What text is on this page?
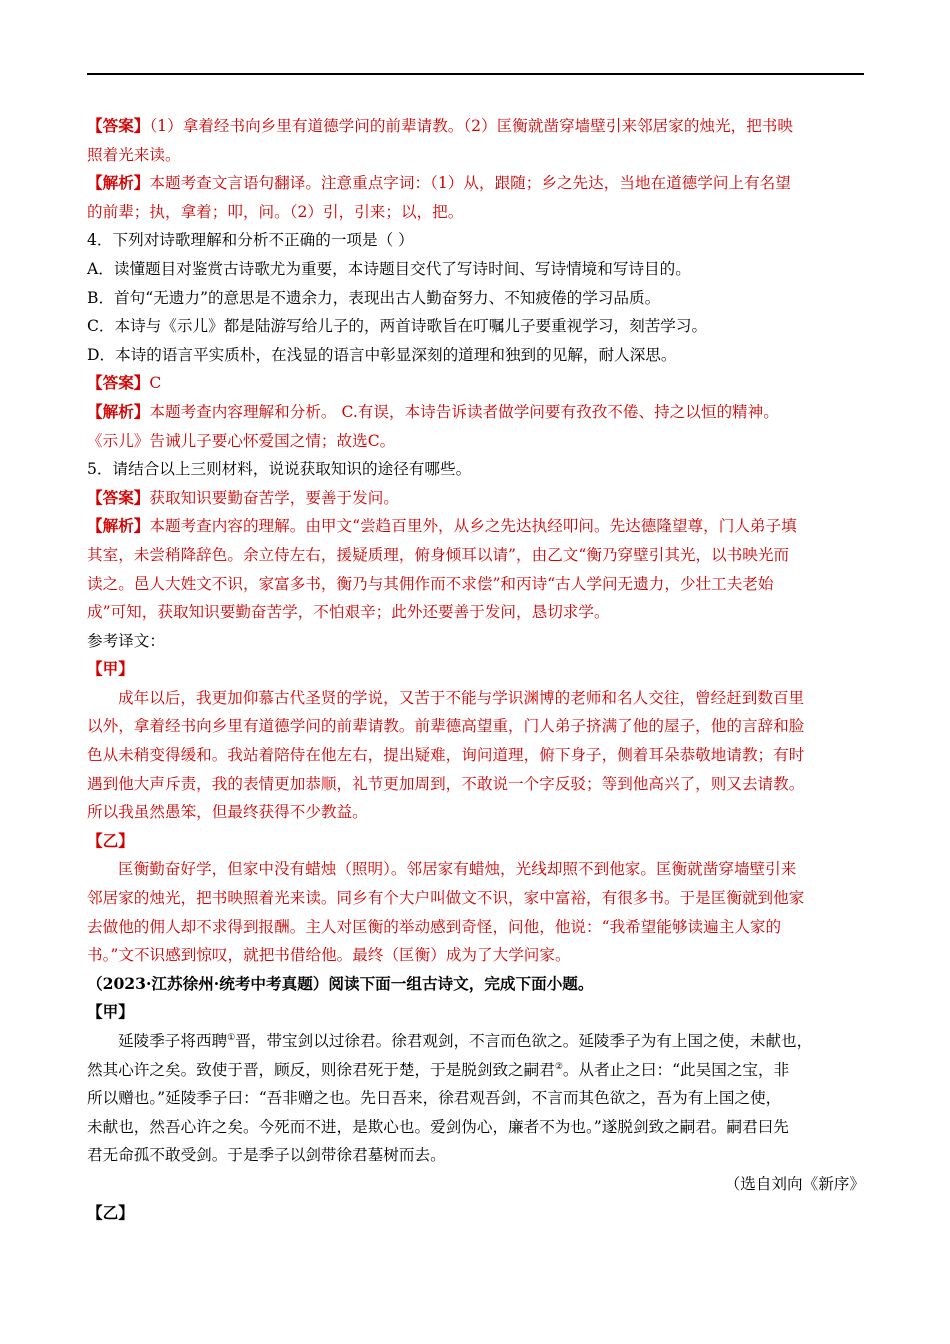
【答案】（1）拿着经书向乡里有道德学问的前辈请教。（2）匡衡就凿穿墙壁引来邻居家的烛光，把书映
照着光来读。
【解析】本题考查文言语句翻译。注意重点字词：（1）从，跟随；乡之先达，当地在道德学问上有名望
的前辈；执，拿着；叩，问。（2）引，引来；以，把。
4．下列对诗歌理解和分析不正确的一项是（ ）
A．读懂题目对鉴赏古诗歌尤为重要，本诗题目交代了写诗时间、写诗情境和写诗目的。
B．首句“无遗力”的意思是不遗余力，表现出古人勤奋努力、不知疲倦的学习品质。
C．本诗与《示儿》都是陆游写给儿子的，两首诗歌旨在叮嘱儿子要重视学习，刻苦学习。
D．本诗的语言平实质朴，在浅显的语言中彰显深刻的道理和独到的见解，耐人深思。
【答案】C
【解析】本题考查内容理解和分析。 C.有误，本诗告诉读者做学问要有孜孜不倦、持之以恒的精神。
《示儿》告诫儿子要心怀爱国之情；故选C。
5．请结合以上三则材料，说说获取知识的途径有哪些。
【答案】获取知识要勤奋苦学，要善于发问。
【解析】本题考查内容的理解。由甲文“尝趋百里外，从乡之先达执经叩问。先达德隆望尊，门人弟子填
其室，未尝稍降辞色。余立侍左右，援疑质理，俯身倾耳以请”，由乙文“衡乃穿壁引其光，以书映光而
读之。邑人大姓文不识，家富多书，衡乃与其佣作而不求偿”和丙诗“古人学问无遗力，少壮工夫老始
成”可知，获取知识要勤奋苦学，不怕艰辛；此外还要善于发问，恳切求学。
参考译文：
【甲】
成年以后，我更加仰慕古代圣贤的学说，又苦于不能与学识渊博的老师和名人交往，曾经赶到数百里
以外，拿着经书向乡里有道德学问的前辈请教。前辈德高望重，门人弟子挤满了他的屋子，他的言辞和脸
色从未稍变得缓和。我站着陪侍在他左右，提出疑难，询问道理，俯下身子，侧着耳朵恭敬地请教；有时
遇到他大声斥责，我的表情更加恭顺，礼节更加周到，不敢说一个字反驳；等到他高兴了，则又去请教。
所以我虽然愚笨，但最终获得不少教益。
【乙】
匡衡勤奋好学，但家中没有蜡烛（照明）。邻居家有蜡烛，光线却照不到他家。匡衡就凿穿墙壁引来
邻居家的烛光，把书映照着光来读。同乡有个大户叫做文不识，家中富裕，有很多书。于是匡衡就到他家
去做他的佣人却不求得到报酬。主人对匡衡的举动感到奇怪，问他，他说：“我希望能够读遍主人家的
书。”文不识感到惊叹，就把书借给他。最终（匡衡）成为了大学问家。
（2023·江苏徐州·统考中考真题）阅读下面一组古诗文，完成下面小题。
【甲】
延陵季子将西聘①晋，带宝剑以过徐君。徐君观剑，不言而色欲之。延陵季子为有上国之使，未献也，
然其心许之矣。致使于晋，顾反，则徐君死于楚，于是脱剑致之嗣君②。从者止之曰：“此吴国之宝，非
所以赠也。”延陵季子曰：“吾非赠之也。先日吾来，徐君观吾剑，不言而其色欲之，吾为有上国之使，
未献也，然吾心许之矣。今死而不进，是欺心也。爱剑伪心，廉者不为也。”遂脱剑致之嗣君。嗣君曰先
君无命孤不敢受剑。于是季子以剑带徐君墓树而去。
（选自刘向《新序》
【乙】
